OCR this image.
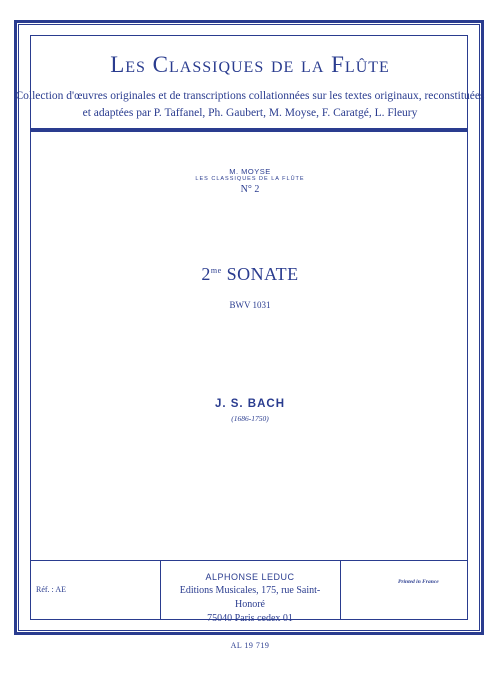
Les Classiques de la Flûte
Collection d'œuvres originales et de transcriptions collationnées sur les textes originaux, reconstituées
et adaptées par P. Taffanel, Ph. Gaubert, M. Moyse, F. Caratgé, L. Fleury
M. MOYSE
LES CLASSIQUES DE LA FLÛTE
N° 2
$2^{me}$ SONATE
BWV 1031
J. S. BACH
(1686-1750)
Réf. : AE
ALPHONSE LEDUC
Editions Musicales, 175, rue Saint-Honoré
75040 Paris cedex 01
Printed in France
AL 19 719
